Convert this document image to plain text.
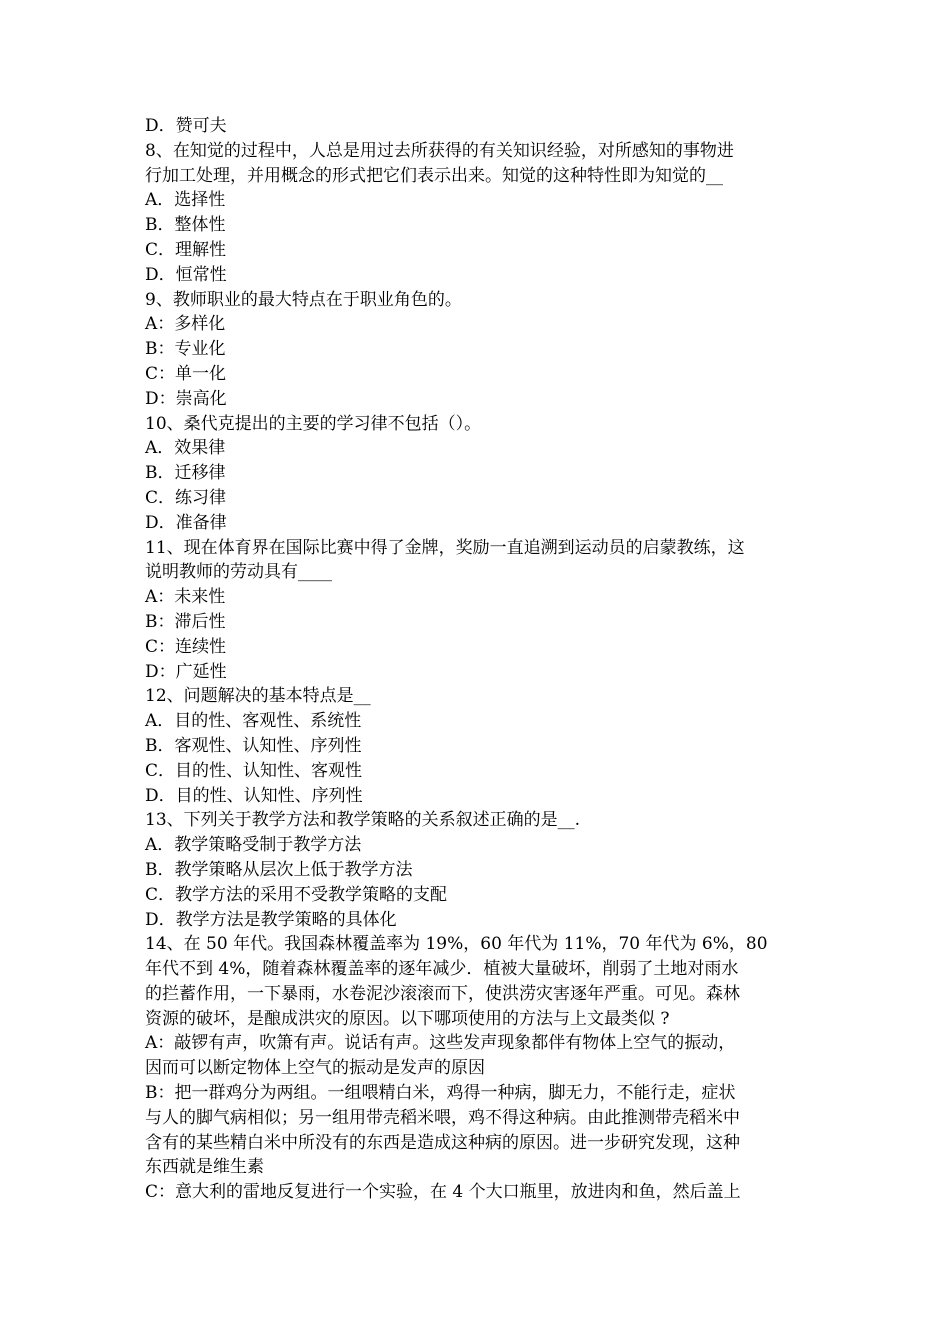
D．赞可夫
8、在知觉的过程中，人总是用过去所获得的有关知识经验，对所感知的事物进
行加工处理，并用概念的形式把它们表示出来。知觉的这种特性即为知觉的__
A．选择性
B．整体性
C．理解性
D．恒常性
9、教师职业的最大特点在于职业角色的。
A：多样化
B：专业化
C：单一化
D：崇高化
10、桑代克提出的主要的学习律不包括（）。
A．效果律
B．迁移律
C．练习律
D．准备律
11、现在体育界在国际比赛中得了金牌，奖励一直追溯到运动员的启蒙教练，这
说明教师的劳动具有____
A：未来性
B：滞后性
C：连续性
D：广延性
12、问题解决的基本特点是__
A．目的性、客观性、系统性
B．客观性、认知性、序列性
C．目的性、认知性、客观性
D．目的性、认知性、序列性
13、下列关于教学方法和教学策略的关系叙述正确的是__.
A．教学策略受制于教学方法
B．教学策略从层次上低于教学方法
C．教学方法的采用不受教学策略的支配
D．教学方法是教学策略的具体化
14、在 50 年代。我国森林覆盖率为 19%，60 年代为 11%，70 年代为 6%，80
年代不到 4%，随着森林覆盖率的逐年减少．植被大量破坏，削弱了土地对雨水
的拦蓄作用，一下暴雨，水卷泥沙滚滚而下，使洪涝灾害逐年严重。可见。森林
资源的破坏，是酿成洪灾的原因。以下哪项使用的方法与上文最类似 ?
A：敲锣有声，吹箫有声。说话有声。这些发声现象都伴有物体上空气的振动，
因而可以断定物体上空气的振动是发声的原因
B：把一群鸡分为两组。一组喂精白米，鸡得一种病，脚无力，不能行走，症状
与人的脚气病相似；另一组用带壳稻米喂，鸡不得这种病。由此推测带壳稻米中
含有的某些精白米中所没有的东西是造成这种病的原因。进一步研究发现，这种
东西就是维生素
C：意大利的雷地反复进行一个实验，在 4 个大口瓶里，放进肉和鱼，然后盖上
